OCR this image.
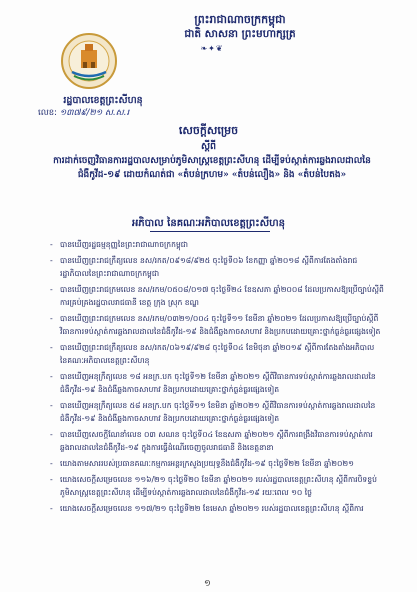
ព្រះរាជាណាចក្រកម្ពុជា
ជាតិ សាសនា ព្រះមហាក្សត្រ
❧✦❦
រដ្ឋបាលខេត្តព្រះសីហនុ
លេខ: ១៣៧៩/២១ ស.ស.រ
សេចក្ដីសម្រេច
ស្ដីពី
ការដាក់ចេញវិធានការរដ្ឋបាលសម្រាប់ភូមិសាស្ត្រខេត្តព្រះសីហនុ ដើម្បីទប់ស្កាត់ការឆ្លងរាលដាលនៃជំងឺកូវីដ-១៩ ដោយកំណត់ជា «តំបន់ក្រហម» «តំបន់លឿង» និង «តំបន់បៃតង»
អភិបាល នៃគណៈអភិបាលខេត្តព្រះសីហនុ
- បានឃើញរដ្ឋធម្មនុញ្ញនៃព្រះរាជាណាចក្រកម្ពុជា
- បានឃើញព្រះរាជក្រឹត្យលេខ នស/រកត/០៩១៨/៩២៥ ចុះថ្ងៃទី០៦ ខែកញ្ញា ឆ្នាំ២០១៨ ស្ដីពីការតែងតាំងរាជរដ្ឋាភិបាលនៃព្រះរាជាណាចក្រកម្ពុជា
- បានឃើញព្រះរាជក្រមលេខ នស/រកម/០៥០៨/០១៧ ចុះថ្ងៃទី២៤ ខែឧសភា ឆ្នាំ២០០៨ ដែលប្រកាសឱ្យប្រើច្បាប់ស្ដីពីការគ្រប់គ្រងរដ្ឋបាលរាជធានី ខេត្ត ក្រុង ស្រុក ខណ្ឌ
- បានឃើញព្រះរាជក្រមលេខ នស/រកម/០៣២១/០០៤ ចុះថ្ងៃទី១១ ខែមីនា ឆ្នាំ២០២១ ដែលប្រកាសឱ្យប្រើច្បាប់ស្ដីពីវិធានការទប់ស្កាត់ការឆ្លងរាលដាលនៃជំងឺកូវីដ-១៩ និងជំងឺឆ្លងកាចសាហាវ និងប្រកបដោយគ្រោះថ្នាក់ធ្ងន់ធ្ងរផ្សេងទៀត
- បានឃើញព្រះរាជក្រឹត្យលេខ នស/រកត/០៦១៩/៩២៨ ចុះថ្ងៃទី០៤ ខែមិថុនា ឆ្នាំ២០១៩ ស្ដីពីការតែងតាំងអភិបាល នៃគណៈអភិបាលខេត្តព្រះសីហនុ
- បានឃើញអនុក្រឹត្យលេខ ១៨ អនក្រ.បក ចុះថ្ងៃទី១២ ខែមីនា ឆ្នាំ២០២១ ស្ដីពីវិធានការទប់ស្កាត់ការឆ្លងរាលដាលនៃជំងឺកូវីដ-១៩ និងជំងឺឆ្លងកាចសាហាវ និងប្រកបដោយគ្រោះថ្នាក់ធ្ងន់ធ្ងរផ្សេងទៀត
- បានឃើញអនុក្រឹត្យលេខ ៥៨ អនក្រ.បក ចុះថ្ងៃទី១១ ខែមិនា ឆ្នាំ២០២១ ស្ដីពីវិធានការទប់ស្កាត់ការឆ្លងរាលដាលនៃជំងឺកូវីដ-១៩ និងជំងឺឆ្លងកាចសាហាវ និងប្រកបដោយគ្រោះថ្នាក់ធ្ងន់ធ្ងរផ្សេងទៀត
- បានឃើញសេចក្ដីណែនាំលេខ ០៣ សណន ចុះថ្ងៃទី០៤ ខែឧសភា ឆ្នាំ២០២១ ស្ដីពីការពង្រឹងវិធានការទប់ស្កាត់ការឆ្លងរាលដាលនៃជំងឺកូវីដ-១៩ ក្នុងការធ្វើដំណើរចេញចូលរាជធានី និងខេត្តនានា
- យោងតាមសាររបស់ប្រធានគណៈកម្មការអន្តរក្រសួងប្រយុទ្ធនឹងជំងឺកូវីដ-១៩ ចុះថ្ងៃទី២២ ខែមីនា ឆ្នាំ២០២១
- យោងសេចក្ដីសម្រេចលេខ ១១៦/២១ ចុះថ្ងៃទី២០ ខែមីនា ឆ្នាំ២០២១ របស់រដ្ឋបាលខេត្តព្រះសីហនុ ស្ដីពីការបិទខ្ទប់ភូមិសាស្ត្រខេត្តព្រះសីហនុ ដើម្បីទប់ស្កាត់ការឆ្លងរាលដាលនៃជំងឺកូវីដ-១៩ រយៈពេល ១០ ថ្ងៃ
- យោងសេចក្ដីសម្រេចលេខ ១១៧/២១ ចុះថ្ងៃទី២២ ខែមេសា ឆ្នាំ២០២១ របស់រដ្ឋបាលខេត្តព្រះសីហនុ ស្ដីពីការ
១
